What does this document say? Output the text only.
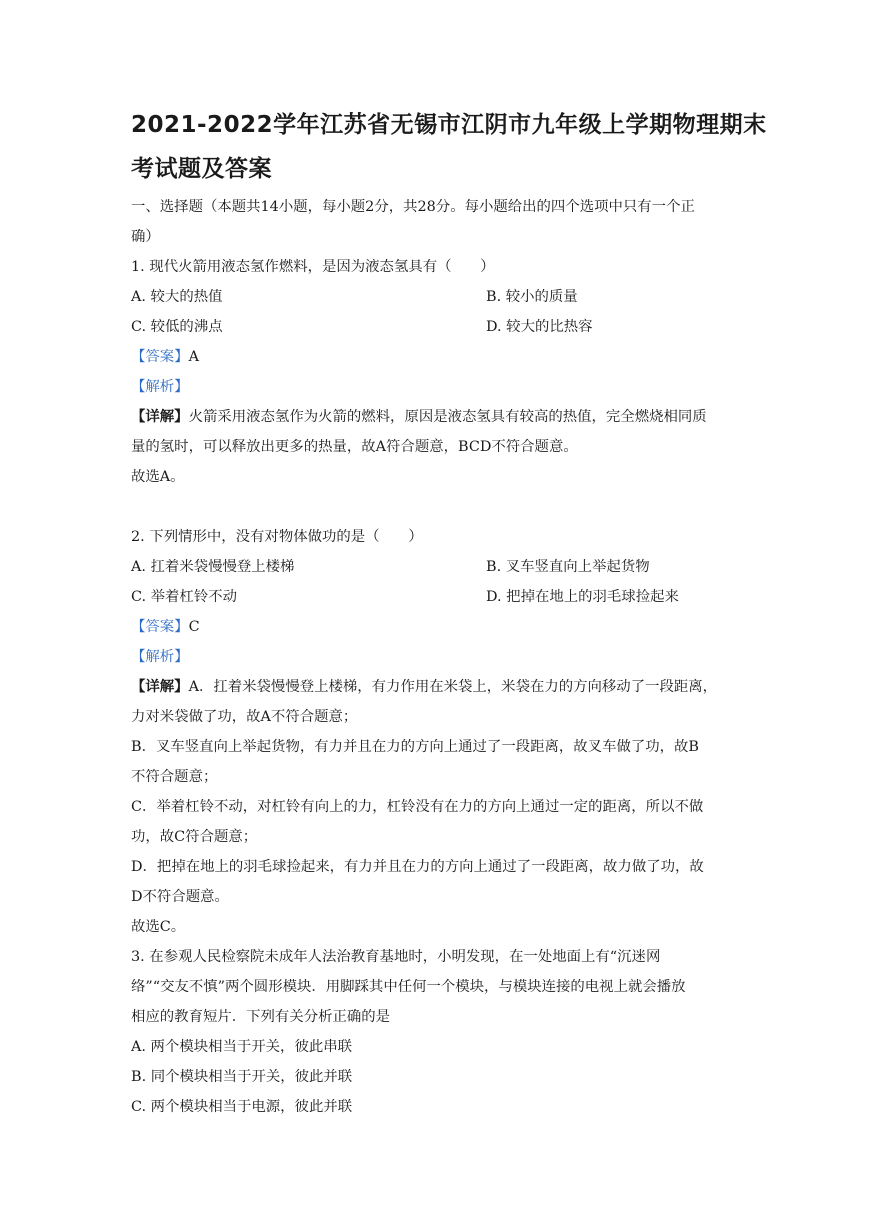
2021-2022学年江苏省无锡市江阴市九年级上学期物理期末
考试题及答案
一、选择题（本题共14小题，每小题2分，共28分。每小题给出的四个选项中只有一个正
确）
1. 现代火箭用液态氢作燃料，是因为液态氢具有（　　）
A. 较大的热值	B. 较小的质量
C. 较低的沸点	D. 较大的比热容
【答案】A
【解析】
【详解】火箭采用液态氢作为火箭的燃料，原因是液态氢具有较高的热值，完全燃烧相同质
量的氢时，可以释放出更多的热量，故A符合题意，BCD不符合题意。
故选A。
2. 下列情形中，没有对物体做功的是（　　）
A. 扛着米袋慢慢登上楼梯	B. 叉车竖直向上举起货物
C. 举着杠铃不动	D. 把掉在地上的羽毛球捡起来
【答案】C
【解析】
【详解】A．扛着米袋慢慢登上楼梯，有力作用在米袋上，米袋在力的方向移动了一段距离，
力对米袋做了功，故A不符合题意；
B．叉车竖直向上举起货物，有力并且在力的方向上通过了一段距离，故叉车做了功，故B
不符合题意；
C．举着杠铃不动，对杠铃有向上的力，杠铃没有在力的方向上通过一定的距离，所以不做
功，故C符合题意；
D．把掉在地上的羽毛球捡起来，有力并且在力的方向上通过了一段距离，故力做了功，故
D不符合题意。
故选C。
3. 在参观人民检察院未成年人法治教育基地时，小明发现，在一处地面上有“沉迷网
络”“交友不慎”两个圆形模块．用脚踩其中任何一个模块，与模块连接的电视上就会播放
相应的教育短片．下列有关分析正确的是
A. 两个模块相当于开关，彼此串联
B. 同个模块相当于开关，彼此并联
C. 两个模块相当于电源，彼此并联
